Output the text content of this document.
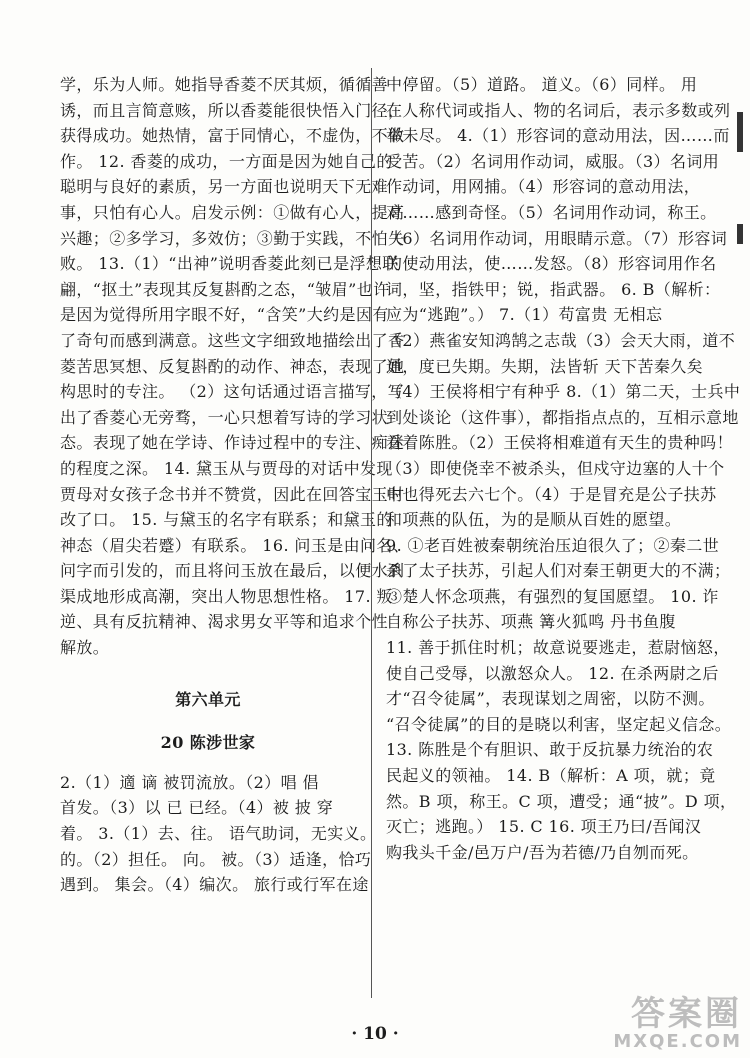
学，乐为人师。她指导香菱不厌其烦，循循善
诱，而且言简意赅，所以香菱能很快悟入门径，
获得成功。她热情，富于同情心，不虚伪，不做
作。 12. 香菱的成功，一方面是因为她自己的
聪明与良好的素质，另一方面也说明天下无难
事，只怕有心人。启发示例：①做有心人，提高
兴趣；②多学习，多效仿；③勤于实践，不怕失
败。 13.（1）“出神”说明香菱此刻已是浮想联
翩，“抠土”表现其反复斟酌之态，“皱眉”也许
是因为觉得所用字眼不好，“含笑”大约是因有
了奇句而感到满意。这些文字细致地描绘出了香
菱苦思冥想、反复斟酌的动作、神态，表现了她
构思时的专注。 （2）这句话通过语言描写，写
出了香菱心无旁骛，一心只想着写诗的学习状
态。表现了她在学诗、作诗过程中的专注、痴迷
的程度之深。 14. 黛玉从与贾母的对话中发现
贾母对女孩子念书并不赞赏，因此在回答宝玉时
改了口。 15. 与黛玉的名字有联系；和黛玉的
神态（眉尖若蹙）有联系。 16. 问玉是由问名、
问字而引发的，而且将问玉放在最后，以便水到
渠成地形成高潮，突出人物思想性格。 17. 叛
逆、具有反抗精神、渴求男女平等和追求个性
解放。
第六单元
20 陈涉世家
2.（1）適 谪 被罚流放。（2）唱 倡
首发。（3）以 已 已经。（4）被 披 穿
着。 3.（1）去、往。 语气助词，无实义。
的。（2）担任。 向。 被。（3）适逢，恰巧
遇到。 集会。（4）编次。 旅行或行军在途
中停留。（5）道路。 道义。（6）同样。 用
在人称代词或指人、物的名词后，表示多数或列
举未尽。 4.（1）形容词的意动用法，因……而
受苦。（2）名词用作动词，威服。（3）名词用
作动词，用网捕。（4）形容词的意动用法，
对……感到奇怪。（5）名词用作动词，称王。
（6）名词用作动词，用眼睛示意。（7）形容词
的使动用法，使……发怒。（8）形容词用作名
词，坚，指铁甲；锐，指武器。 6. B（解析：
应为“逃跑”。） 7.（1）苟富贵 无相忘
（2）燕雀安知鸿鹄之志哉（3）会天大雨，道不
通，度已失期。失期，法皆斩 天下苦秦久矣
（4）王侯将相宁有种乎 8.（1）第二天，士兵中
到处谈论（这件事），都指指点点的，互相示意地
看着陈胜。（2）王侯将相难道有天生的贵种吗！
（3）即使侥幸不被杀头，但戍守边塞的人十个
中也得死去六七个。（4）于是冒充是公子扶苏
和项燕的队伍，为的是顺从百姓的愿望。
9. ①老百姓被秦朝统治压迫很久了；②秦二世
杀了太子扶苏，引起人们对秦王朝更大的不满；
③楚人怀念项燕，有强烈的复国愿望。 10. 诈
自称公子扶苏、项燕 篝火狐鸣 丹书鱼腹
11. 善于抓住时机；故意说要逃走，惹尉恼怒，
使自己受辱，以激怒众人。 12. 在杀两尉之后
才“召令徒属”，表现谋划之周密，以防不测。
“召令徒属”的目的是晓以利害，坚定起义信念。
13. 陈胜是个有胆识、敢于反抗暴力统治的农
民起义的领袖。 14. B（解析：A 项，就；竟
然。B 项，称王。C 项，遭受；通“披”。D 项，
灭亡；逃跑。） 15. C 16. 项王乃曰/吾闻汉
购我头千金/邑万户/吾为若德/乃自刎而死。
· 10 ·	答案圈
MXQE.COM
